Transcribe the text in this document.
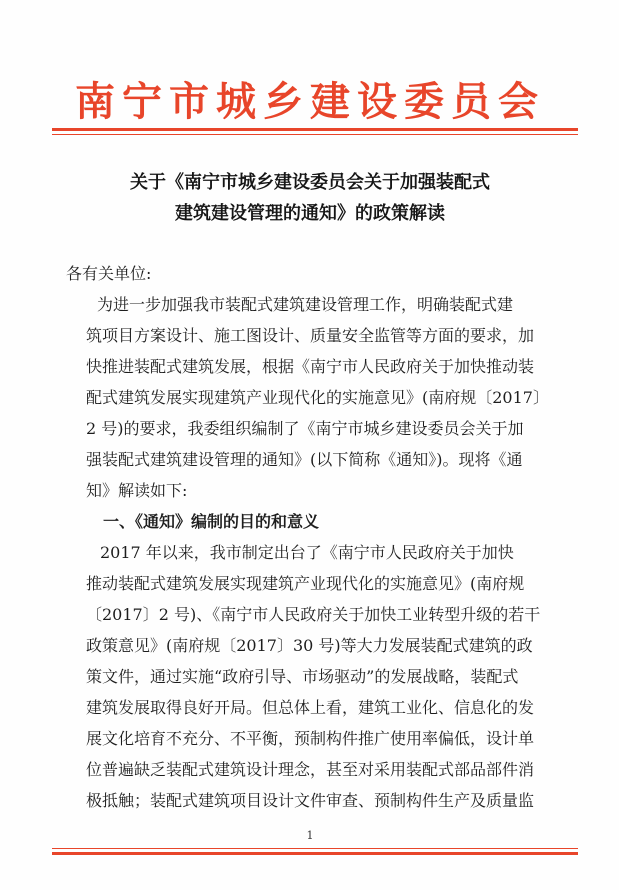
南宁市城乡建设委员会
关于《南宁市城乡建设委员会关于加强装配式
建筑建设管理的通知》的政策解读
各有关单位:
为进一步加强我市装配式建筑建设管理工作，明确装配式建
筑项目方案设计、施工图设计、质量安全监管等方面的要求，加
快推进装配式建筑发展，根据《南宁市人民政府关于加快推动装
配式建筑发展实现建筑产业现代化的实施意见》(南府规〔2017〕
2 号)的要求，我委组织编制了《南宁市城乡建设委员会关于加
强装配式建筑建设管理的通知》(以下简称《通知》)。现将《通
知》解读如下:
一、《通知》编制的目的和意义
2017 年以来，我市制定出台了《南宁市人民政府关于加快
推动装配式建筑发展实现建筑产业现代化的实施意见》(南府规
〔2017〕2 号)、《南宁市人民政府关于加快工业转型升级的若干
政策意见》(南府规〔2017〕30 号)等大力发展装配式建筑的政
策文件，通过实施“政府引导、市场驱动”的发展战略，装配式
建筑发展取得良好开局。但总体上看，建筑工业化、信息化的发
展文化培育不充分、不平衡，预制构件推广使用率偏低，设计单
位普遍缺乏装配式建筑设计理念，甚至对采用装配式部品部件消
极抵触；装配式建筑项目设计文件审查、预制构件生产及质量监
1
